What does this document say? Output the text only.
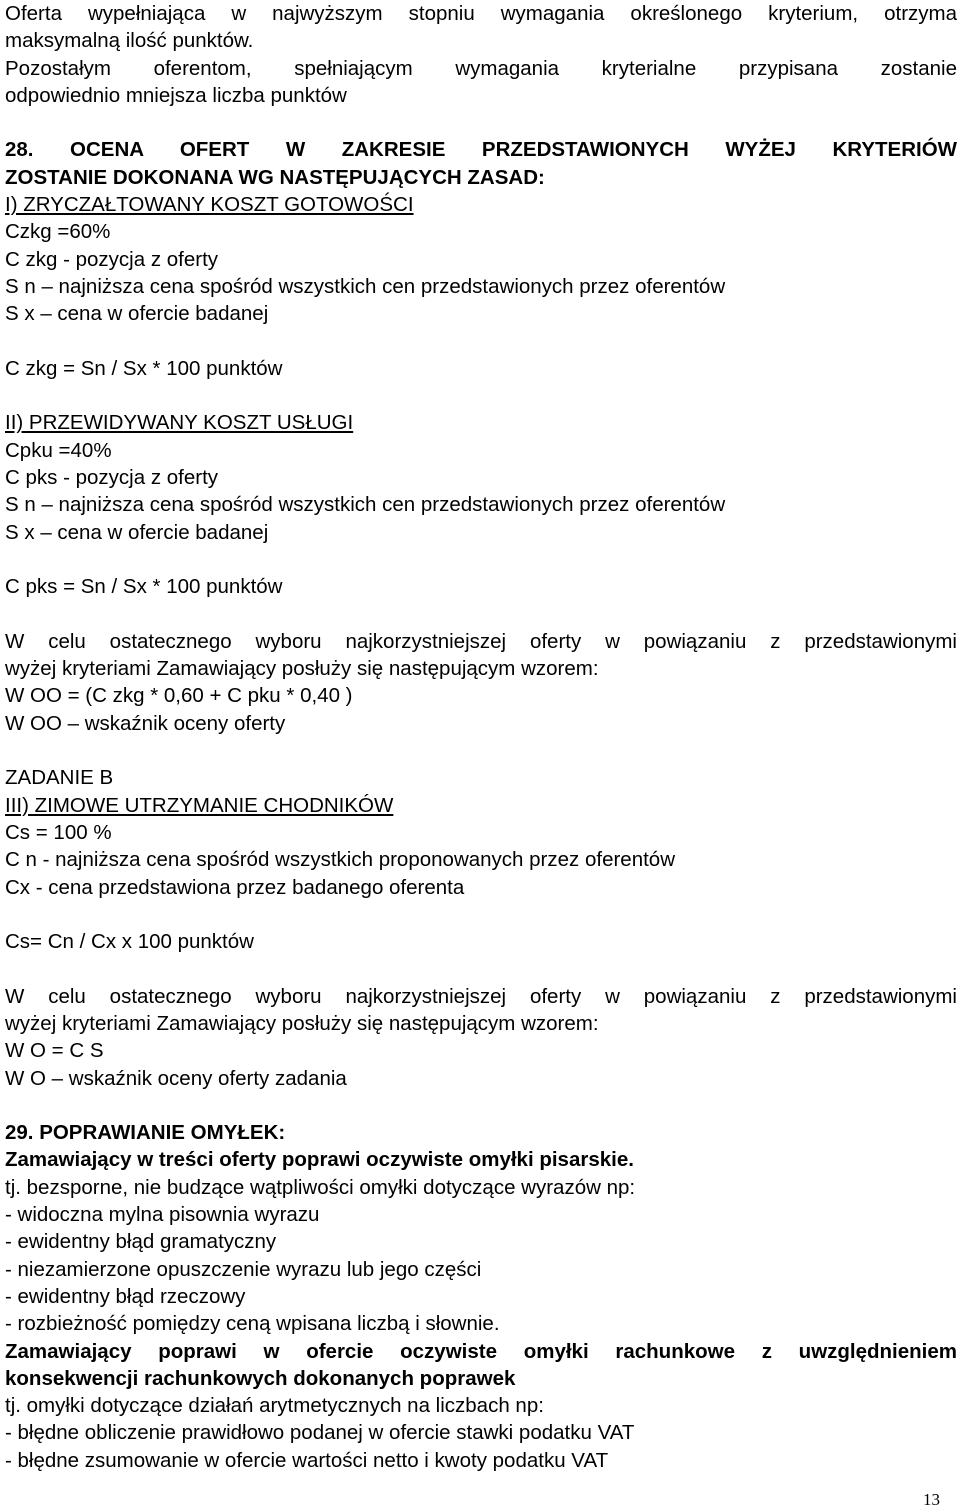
Oferta wypełniająca w najwyższym stopniu wymagania określonego kryterium, otrzyma
maksymalną ilość punktów.
Pozostałym oferentom, spełniającym wymagania kryterialne przypisana zostanie
odpowiednio mniejsza liczba punktów
28. OCENA OFERT W ZAKRESIE PRZEDSTAWIONYCH WYŻEJ KRYTERIÓW
ZOSTANIE DOKONANA WG NASTĘPUJĄCYCH ZASAD:
I) ZRYCZAŁTOWANY KOSZT GOTOWOŚCI
Czkg =60%
C zkg - pozycja z oferty
S n – najniższa cena spośród wszystkich cen przedstawionych przez oferentów
S x – cena w ofercie badanej
C zkg = Sn / Sx * 100 punktów
II) PRZEWIDYWANY KOSZT USŁUGI
Cpku =40%
C pks - pozycja z oferty
S n – najniższa cena spośród wszystkich cen przedstawionych przez oferentów
S x – cena w ofercie badanej
C pks = Sn / Sx * 100 punktów
W celu ostatecznego wyboru najkorzystniejszej oferty w powiązaniu z przedstawionymi
wyżej kryteriami Zamawiający posłuży się następującym wzorem:
W OO = (C zkg * 0,60 + C pku * 0,40 )
W OO – wskaźnik oceny oferty
ZADANIE B
III) ZIMOWE UTRZYMANIE CHODNIKÓW
Cs = 100 %
C n - najniższa cena spośród wszystkich proponowanych przez oferentów
Cx - cena przedstawiona przez badanego oferenta
Cs= Cn / Cx x 100 punktów
W celu ostatecznego wyboru najkorzystniejszej oferty w powiązaniu z przedstawionymi
wyżej kryteriami Zamawiający posłuży się następującym wzorem:
W O = C S
W O – wskaźnik oceny oferty zadania
29. POPRAWIANIE OMYŁEK:
Zamawiający w treści oferty poprawi oczywiste omyłki pisarskie.
tj. bezsporne, nie budzące wątpliwości omyłki dotyczące wyrazów np:
- widoczna mylna pisownia wyrazu
- ewidentny błąd gramatyczny
- niezamierzone opuszczenie wyrazu lub jego części
- ewidentny błąd rzeczowy
- rozbieżność pomiędzy ceną wpisana liczbą i słownie.
Zamawiający poprawi w ofercie oczywiste omyłki rachunkowe z uwzględnieniem
konsekwencji rachunkowych dokonanych poprawek
tj. omyłki dotyczące działań arytmetycznych na liczbach np:
- błędne obliczenie prawidłowo podanej w ofercie stawki podatku VAT
- błędne zsumowanie w ofercie wartości netto i kwoty podatku VAT
13
